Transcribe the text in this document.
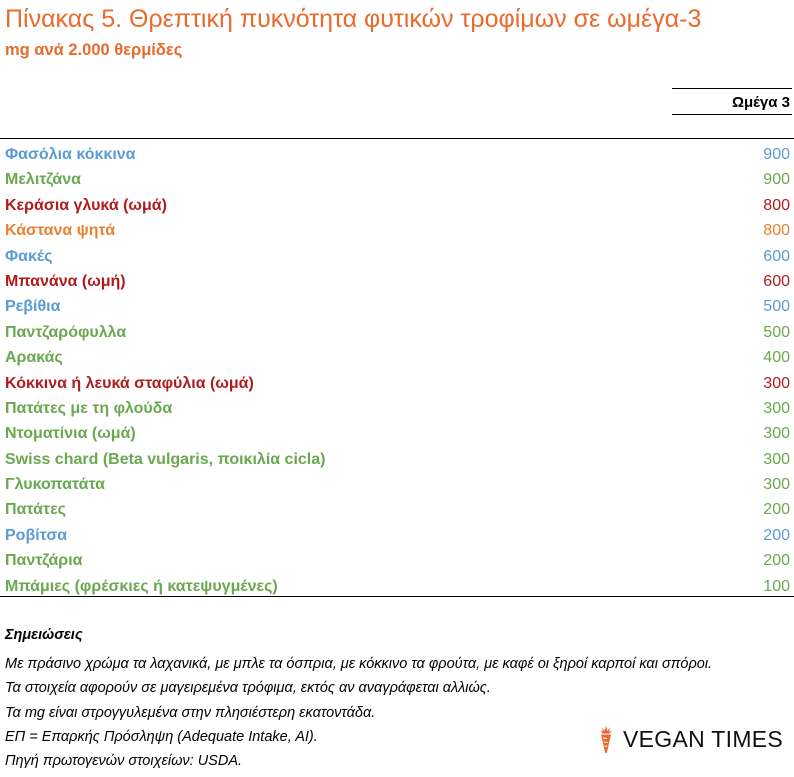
Πίνακας 5. Θρεπτική πυκνότητα φυτικών τροφίμων σε ωμέγα-3
mg ανά 2.000 θερμίδες
Ωμέγα 3
Φασόλια κόκκινα	900
Μελιτζάνα	900
Κεράσια γλυκά (ωμά)	800
Κάστανα ψητά	800
Φακές	600
Μπανάνα (ωμή)	600
Ρεβίθια	500
Παντζαρόφυλλα	500
Αρακάς	400
Κόκκινα ή λευκά σταφύλια (ωμά)	300
Πατάτες με τη φλούδα	300
Ντοματίνια (ωμά)	300
Swiss chard (Beta vulgaris, ποικιλία cicla)	300
Γλυκοπατάτα	300
Πατάτες	200
Ροβίτσα	200
Παντζάρια	200
Μπάμιες (φρέσκιες ή κατεψυγμένες)	100

Σημειώσεις

Με πράσινο χρώμα τα λαχανικά, με μπλε τα όσπρια, με κόκκινο τα φρούτα, με καφέ οι ξηροί καρποί και σπόροι.
Τα στοιχεία αφορούν σε μαγειρεμένα τρόφιμα, εκτός αν αναγράφεται αλλιώς.
Τα mg είναι στρογγυλεμένα στην πλησιέστερη εκατοντάδα.
ΕΠ = Επαρκής Πρόσληψη (Adequate Intake, AI).
Πηγή πρωτογενών στοιχείων: USDA.
VEGAN TIMES
